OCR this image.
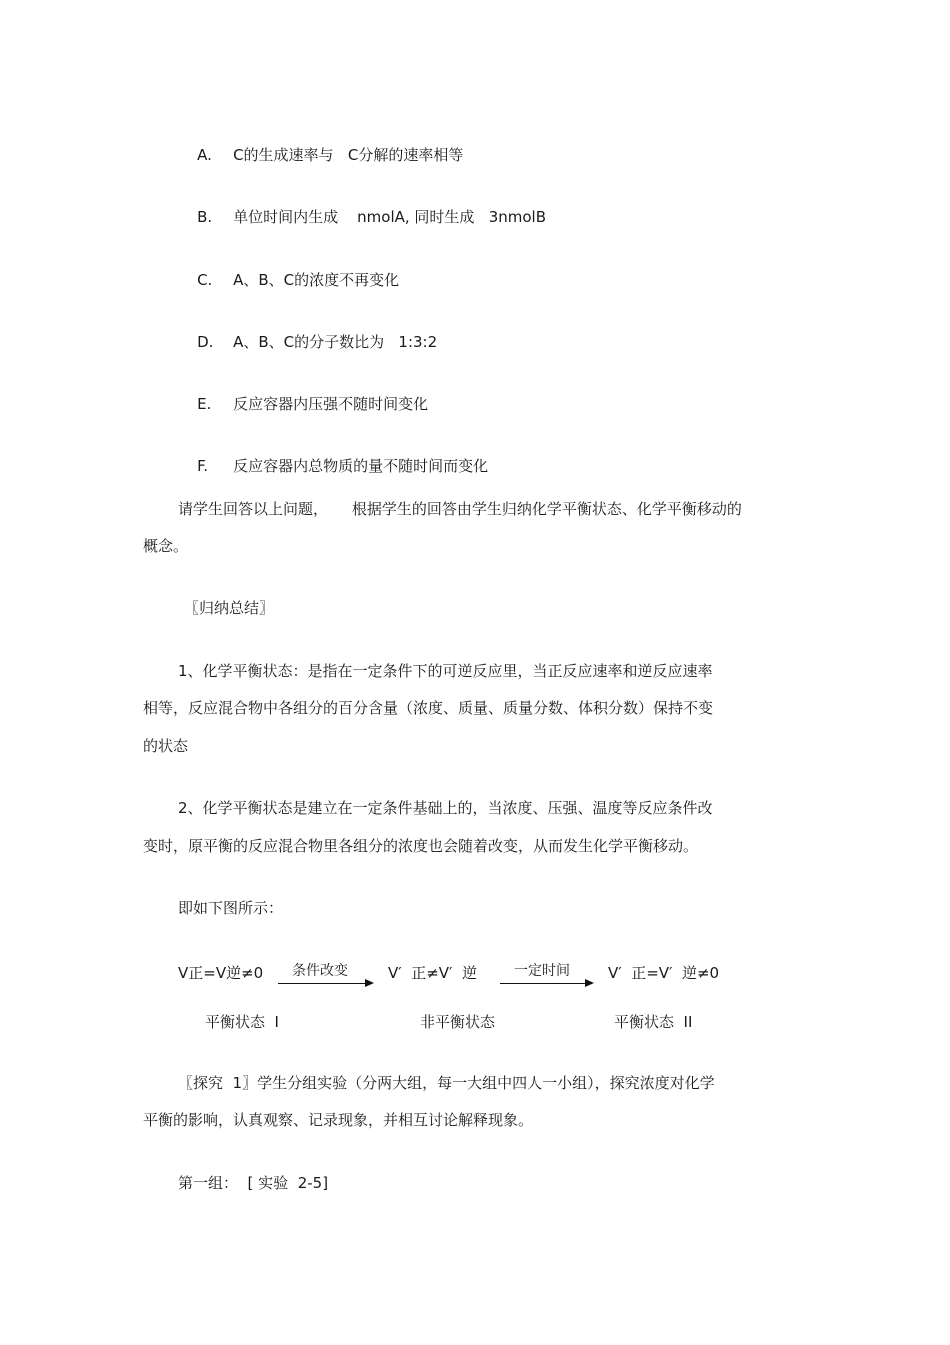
A. C的生成速率与   C分解的速率相等

B. 单位时间内生成    nmolA, 同时生成   3nmolB

C. A、B、C的浓度不再变化

D. A、B、C的分子数比为   1:3:2

E. 反应容器内压强不随时间变化

F. 反应容器内总物质的量不随时间而变化

请学生回答以上问题，     根据学生的回答由学生归纳化学平衡状态、化学平衡移动的
概念。
〖归纳总结〗
1、化学平衡状态：是指在一定条件下的可逆反应里，当正反应速率和逆反应速率
相等，反应混合物中各组分的百分含量（浓度、质量、质量分数、体积分数）保持不变
的状态
2、化学平衡状态是建立在一定条件基础上的，当浓度、压强、温度等反应条件改
变时，原平衡的反应混合物里各组分的浓度也会随着改变，从而发生化学平衡移动。
即如下图所示：
V正=V逆≠0 条件改变	V′  正≠V′  逆	一定时间	V′  正=V′  逆≠0
平衡状态  I	非平衡状态	平衡状态  II
〖探究  1〗学生分组实验（分两大组，每一大组中四人一小组），探究浓度对化学
平衡的影响，认真观察、记录现象，并相互讨论解释现象。
第一组：  [ 实验  2-5]
